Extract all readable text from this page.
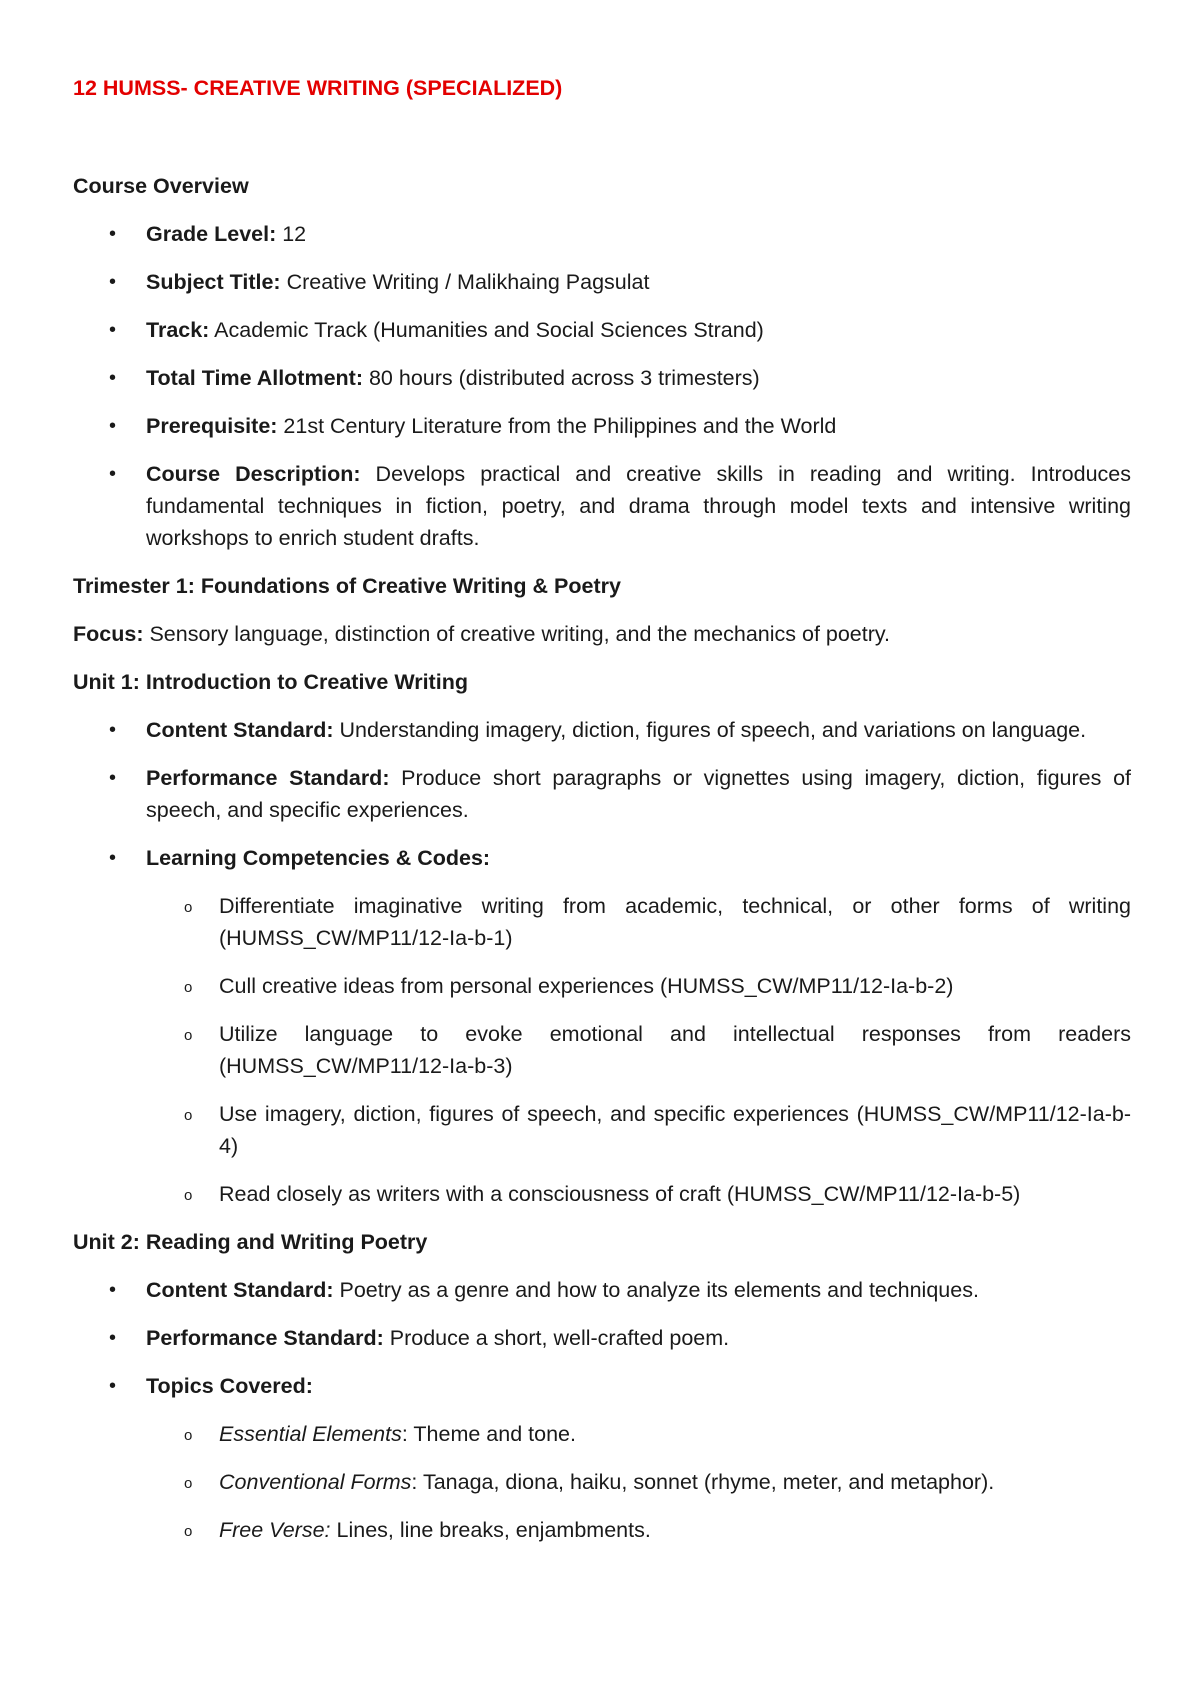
12 HUMSS- CREATIVE WRITING (SPECIALIZED)
Course Overview
• Grade Level: 12
• Subject Title: Creative Writing / Malikhaing Pagsulat
• Track: Academic Track (Humanities and Social Sciences Strand)
• Total Time Allotment: 80 hours (distributed across 3 trimesters)
• Prerequisite: 21st Century Literature from the Philippines and the World
• Course Description: Develops practical and creative skills in reading and writing. Introduces fundamental techniques in fiction, poetry, and drama through model texts and intensive writing workshops to enrich student drafts.
Trimester 1: Foundations of Creative Writing & Poetry
Focus: Sensory language, distinction of creative writing, and the mechanics of poetry.
Unit 1: Introduction to Creative Writing
• Content Standard: Understanding imagery, diction, figures of speech, and variations on language.
• Performance Standard: Produce short paragraphs or vignettes using imagery, diction, figures of speech, and specific experiences.
• Learning Competencies & Codes:
o Differentiate imaginative writing from academic, technical, or other forms of writing (HUMSS_CW/MP11/12-Ia-b-1)
o Cull creative ideas from personal experiences (HUMSS_CW/MP11/12-Ia-b-2)
o Utilize language to evoke emotional and intellectual responses from readers (HUMSS_CW/MP11/12-Ia-b-3)
o Use imagery, diction, figures of speech, and specific experiences (HUMSS_CW/MP11/12-Ia-b-4)
o Read closely as writers with a consciousness of craft (HUMSS_CW/MP11/12-Ia-b-5)
Unit 2: Reading and Writing Poetry
• Content Standard: Poetry as a genre and how to analyze its elements and techniques.
• Performance Standard: Produce a short, well-crafted poem.
• Topics Covered:
o Essential Elements: Theme and tone.
o Conventional Forms: Tanaga, diona, haiku, sonnet (rhyme, meter, and metaphor).
o Free Verse: Lines, line breaks, enjambments.
